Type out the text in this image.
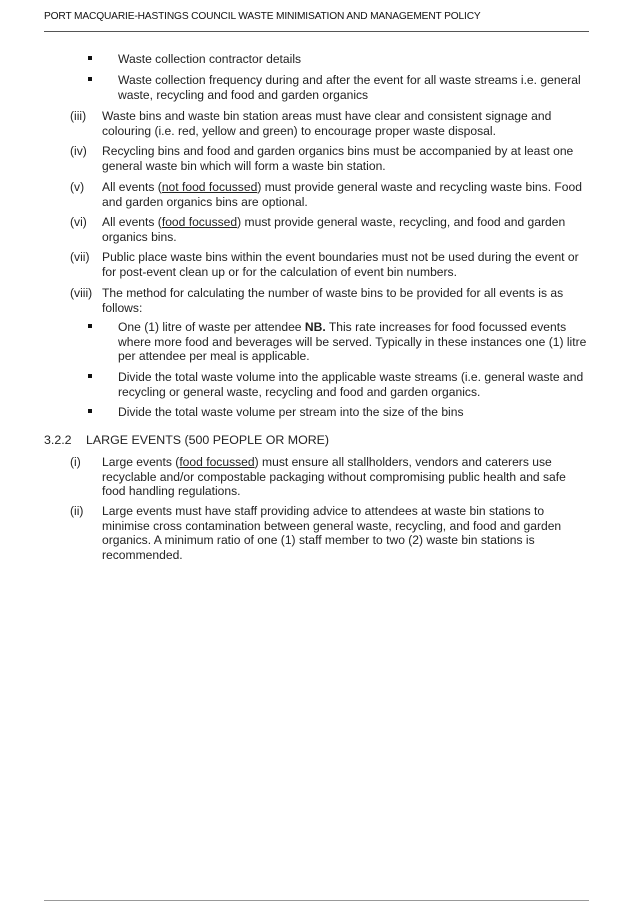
PORT MACQUARIE-HASTINGS COUNCIL WASTE MINIMISATION AND MANAGEMENT POLICY
Waste collection contractor details
Waste collection frequency during and after the event for all waste streams i.e. general waste, recycling and food and garden organics
(iii) Waste bins and waste bin station areas must have clear and consistent signage and colouring (i.e. red, yellow and green) to encourage proper waste disposal.
(iv) Recycling bins and food and garden organics bins must be accompanied by at least one general waste bin which will form a waste bin station.
(v) All events (not food focussed) must provide general waste and recycling waste bins. Food and garden organics bins are optional.
(vi) All events (food focussed) must provide general waste, recycling, and food and garden organics bins.
(vii) Public place waste bins within the event boundaries must not be used during the event or for post-event clean up or for the calculation of event bin numbers.
(viii) The method for calculating the number of waste bins to be provided for all events is as follows:
One (1) litre of waste per attendee NB. This rate increases for food focussed events where more food and beverages will be served. Typically in these instances one (1) litre per attendee per meal is applicable.
Divide the total waste volume into the applicable waste streams (i.e. general waste and recycling or general waste, recycling and food and garden organics.
Divide the total waste volume per stream into the size of the bins
3.2.2 LARGE EVENTS (500 PEOPLE OR MORE)
(i) Large events (food focussed) must ensure all stallholders, vendors and caterers use recyclable and/or compostable packaging without compromising public health and safe food handling regulations.
(ii) Large events must have staff providing advice to attendees at waste bin stations to minimise cross contamination between general waste, recycling, and food and garden organics. A minimum ratio of one (1) staff member to two (2) waste bin stations is recommended.
